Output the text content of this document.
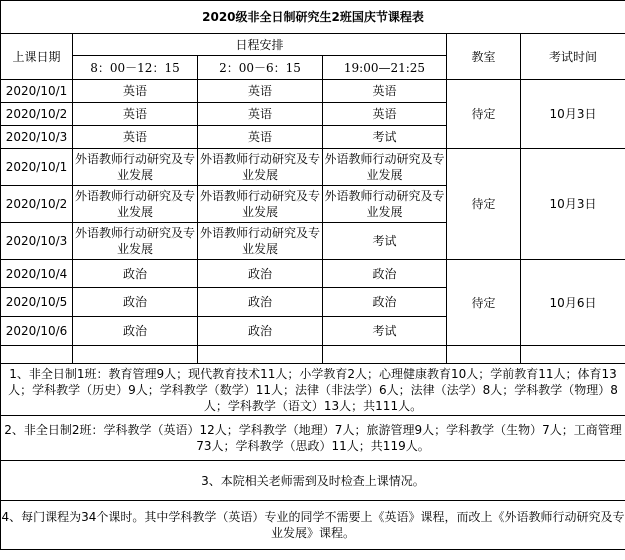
2020级非全日制研究生2班国庆节课程表					
上课日期	日程安排			教室	考试时间
	8：00－12：15	2：00－6：15	19:00—21:25		
2020/10/1	英语	英语	英语	待定	10月3日
2020/10/2	英语	英语	英语		
2020/10/3	英语	英语	考试		
2020/10/1	外语教师行动研究及专业发展	外语教师行动研究及专业发展	外语教师行动研究及专业发展	待定	10月3日
2020/10/2	外语教师行动研究及专业发展	外语教师行动研究及专业发展	外语教师行动研究及专业发展		
2020/10/3	外语教师行动研究及专业发展	外语教师行动研究及专业发展	考试		
2020/10/4	政治	政治	政治	待定	10月6日
2020/10/5	政治	政治	政治		
2020/10/6	政治	政治	考试		

1、非全日制1班：教育管理9人；现代教育技术11人；小学教育2人；心理健康教育10人；学前教育11人；体育13人；学科教学（历史）9人；学科教学（数学）11人；法律（非法学）6人；法律（法学）8人；学科教学（物理）8人；学科教学（语文）13人；共111人。					
2、非全日制2班：学科教学（英语）12人；学科教学（地理）7人；旅游管理9人；学科教学（生物）7人；工商管理73人；学科教学（思政）11人；共119人。					
3、本院相关老师需到及时检查上课情况。					
4、每门课程为34个课时。其中学科教学（英语）专业的同学不需要上《英语》课程，而改上《外语教师行动研究及专业发展》课程。					
